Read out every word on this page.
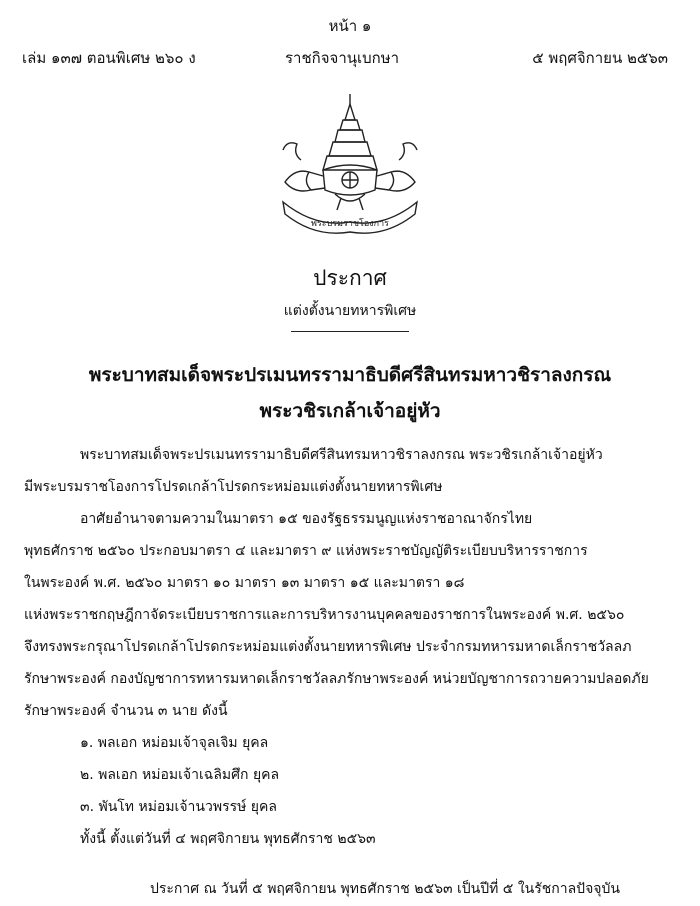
หน้า ๑
เล่ม ๑๓๗ ตอนพิเศษ ๒๖๐ ง	ราชกิจจานุเบกษา	๕ พฤศจิกายน ๒๕๖๓
พระบรมราชโองการ
ประกาศ
แต่งตั้งนายทหารพิเศษ
พระบาทสมเด็จพระปรเมนทรรามาธิบดีศรีสินทรมหาวชิราลงกรณ
พระวชิรเกล้าเจ้าอยู่หัว
พระบาทสมเด็จพระปรเมนทรรามาธิบดีศรีสินทรมหาวชิราลงกรณ พระวชิรเกล้าเจ้าอยู่หัว
มีพระบรมราชโองการโปรดเกล้าโปรดกระหม่อมแต่งตั้งนายทหารพิเศษ
อาศัยอำนาจตามความในมาตรา ๑๕ ของรัฐธรรมนูญแห่งราชอาณาจักรไทย
พุทธศักราช ๒๕๖๐ ประกอบมาตรา ๔ และมาตรา ๙ แห่งพระราชบัญญัติระเบียบบริหารราชการ
ในพระองค์ พ.ศ. ๒๕๖๐ มาตรา ๑๐ มาตรา ๑๓ มาตรา ๑๕ และมาตรา ๑๘
แห่งพระราชกฤษฎีกาจัดระเบียบราชการและการบริหารงานบุคคลของราชการในพระองค์ พ.ศ. ๒๕๖๐
จึงทรงพระกรุณาโปรดเกล้าโปรดกระหม่อมแต่งตั้งนายทหารพิเศษ ประจำกรมทหารมหาดเล็กราชวัลลภ
รักษาพระองค์ กองบัญชาการทหารมหาดเล็กราชวัลลภรักษาพระองค์ หน่วยบัญชาการถวายความปลอดภัย
รักษาพระองค์ จำนวน ๓ นาย ดังนี้
๑. พลเอก หม่อมเจ้าจุลเจิม ยุคล
๒. พลเอก หม่อมเจ้าเฉลิมศึก ยุคล
๓. พันโท หม่อมเจ้านวพรรษ์ ยุคล
ทั้งนี้ ตั้งแต่วันที่ ๔ พฤศจิกายน พุทธศักราช ๒๕๖๓
ประกาศ ณ วันที่ ๕ พฤศจิกายน พุทธศักราช ๒๕๖๓ เป็นปีที่ ๕ ในรัชกาลปัจจุบัน
